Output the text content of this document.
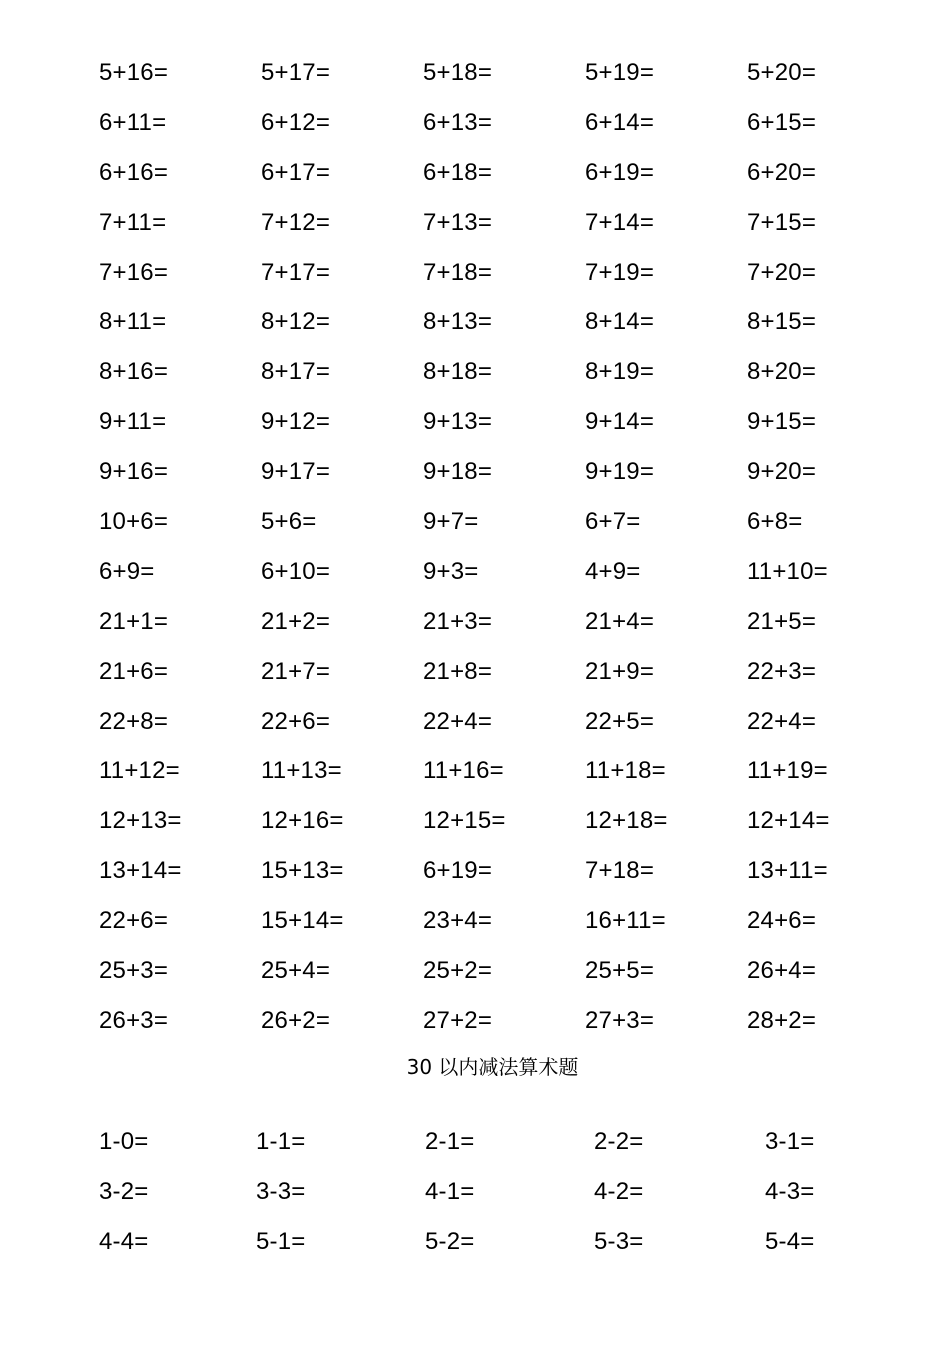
5+16=	5+17=	5+18=	5+19=	5+20=
6+11=	6+12=	6+13=	6+14=	6+15=
6+16=	6+17=	6+18=	6+19=	6+20=
7+11=	7+12=	7+13=	7+14=	7+15=
7+16=	7+17=	7+18=	7+19=	7+20=
8+11=	8+12=	8+13=	8+14=	8+15=
8+16=	8+17=	8+18=	8+19=	8+20=
9+11=	9+12=	9+13=	9+14=	9+15=
9+16=	9+17=	9+18=	9+19=	9+20=
10+6=	5+6=	9+7=	6+7=	6+8=
6+9=	6+10=	9+3=	4+9=	11+10=
21+1=	21+2=	21+3=	21+4=	21+5=
21+6=	21+7=	21+8=	21+9=	22+3=
22+8=	22+6=	22+4=	22+5=	22+4=
11+12=	11+13=	11+16=	11+18=	11+19=
12+13=	12+16=	12+15=	12+18=	12+14=
13+14=	15+13=	6+19=	7+18=	13+11=
22+6=	15+14=	23+4=	16+11=	24+6=
25+3=	25+4=	25+2=	25+5=	26+4=
26+3=	26+2=	27+2=	27+3=	28+2=
30 以内减法算术题
1-0=	1-1=	2-1=	2-2=	3-1=
3-2=	3-3=	4-1=	4-2=	4-3=
4-4=	5-1=	5-2=	5-3=	5-4=
